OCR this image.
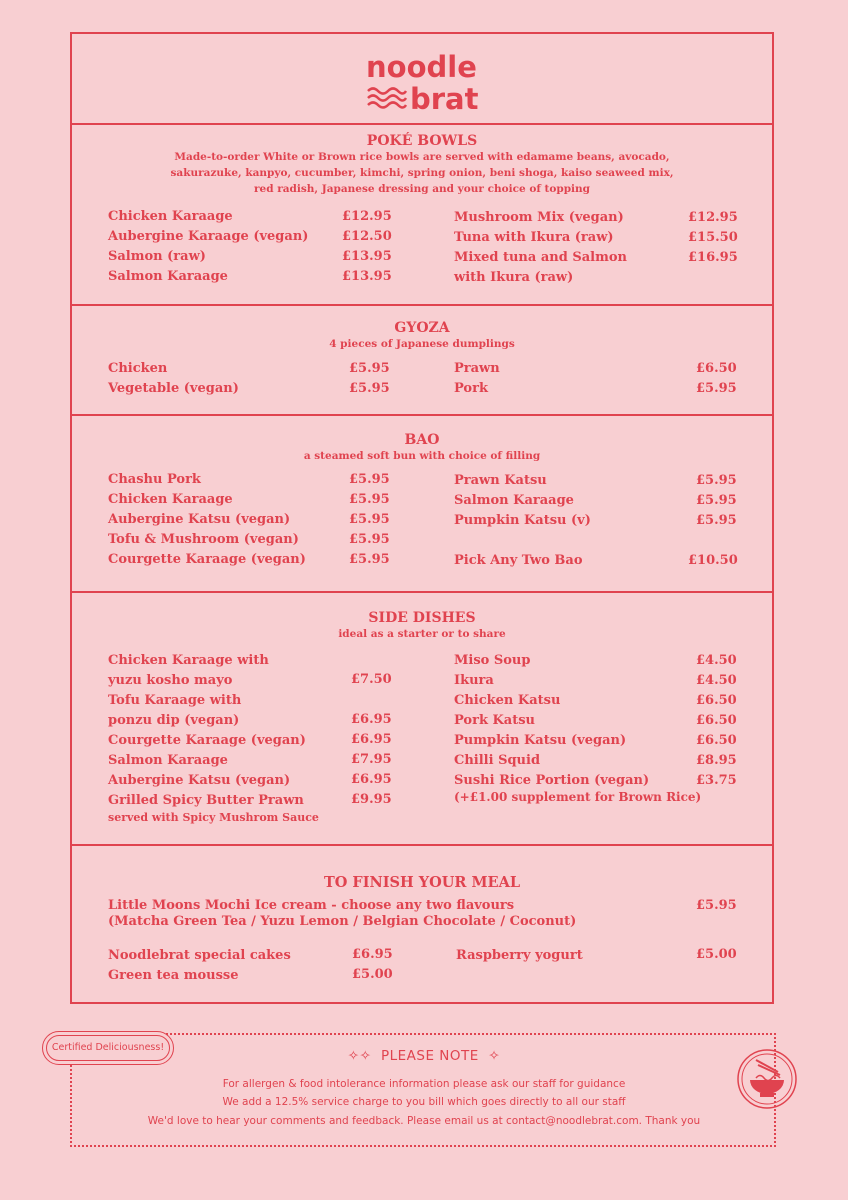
noodle
brat
POKÉ BOWLS
Made-to-order White or Brown rice bowls are served with edamame beans, avocado,
sakurazuke, kanpyo, cucumber, kimchi, spring onion, beni shoga, kaiso seaweed mix,
red radish, Japanese dressing and your choice of topping
Chicken Karaage	£12.95
Aubergine Karaage (vegan)	£12.50
Salmon (raw)	£13.95
Salmon Karaage	£13.95
Mushroom Mix (vegan)	£12.95
Tuna with Ikura (raw)	£15.50
Mixed tuna and Salmon	£16.95
with Ikura (raw)
GYOZA
4 pieces of Japanese dumplings
Chicken	£5.95
Vegetable (vegan)	£5.95
Prawn	£6.50
Pork	£5.95
BAO
a steamed soft bun with choice of filling
Chashu Pork	£5.95
Chicken Karaage	£5.95
Aubergine Katsu (vegan)	£5.95
Tofu & Mushroom (vegan)	£5.95
Courgette Karaage (vegan)	£5.95
Prawn Katsu	£5.95
Salmon Karaage	£5.95
Pumpkin Katsu (v)	£5.95
Pick Any Two Bao	£10.50
SIDE DISHES
ideal as a starter or to share
Chicken Karaage with
yuzu kosho mayo	£7.50
Tofu Karaage with
ponzu dip (vegan)	£6.95
Courgette Karaage (vegan)	£6.95
Salmon Karaage	£7.95
Aubergine Katsu (vegan)	£6.95
Grilled Spicy Butter Prawn	£9.95
served with Spicy Mushrom Sauce
Miso Soup	£4.50
Ikura	£4.50
Chicken Katsu	£6.50
Pork Katsu	£6.50
Pumpkin Katsu (vegan)	£6.50
Chilli Squid	£8.95
Sushi Rice Portion (vegan)	£3.75
(+£1.00 supplement for Brown Rice)
TO FINISH YOUR MEAL
Little Moons Mochi Ice cream - choose any two flavours	£5.95
(Matcha Green Tea / Yuzu Lemon / Belgian Chocolate / Coconut)
Noodlebrat special cakes	£6.95
Green tea mousse	£5.00
Raspberry yogurt	£5.00
Certified Deliciousness!
✧✧ PLEASE NOTE ✧
For allergen & food intolerance information please ask our staff for guidance
We add a 12.5% service charge to you bill which goes directly to all our staff
We'd love to hear your comments and feedback. Please email us at contact@noodlebrat.com. Thank you
